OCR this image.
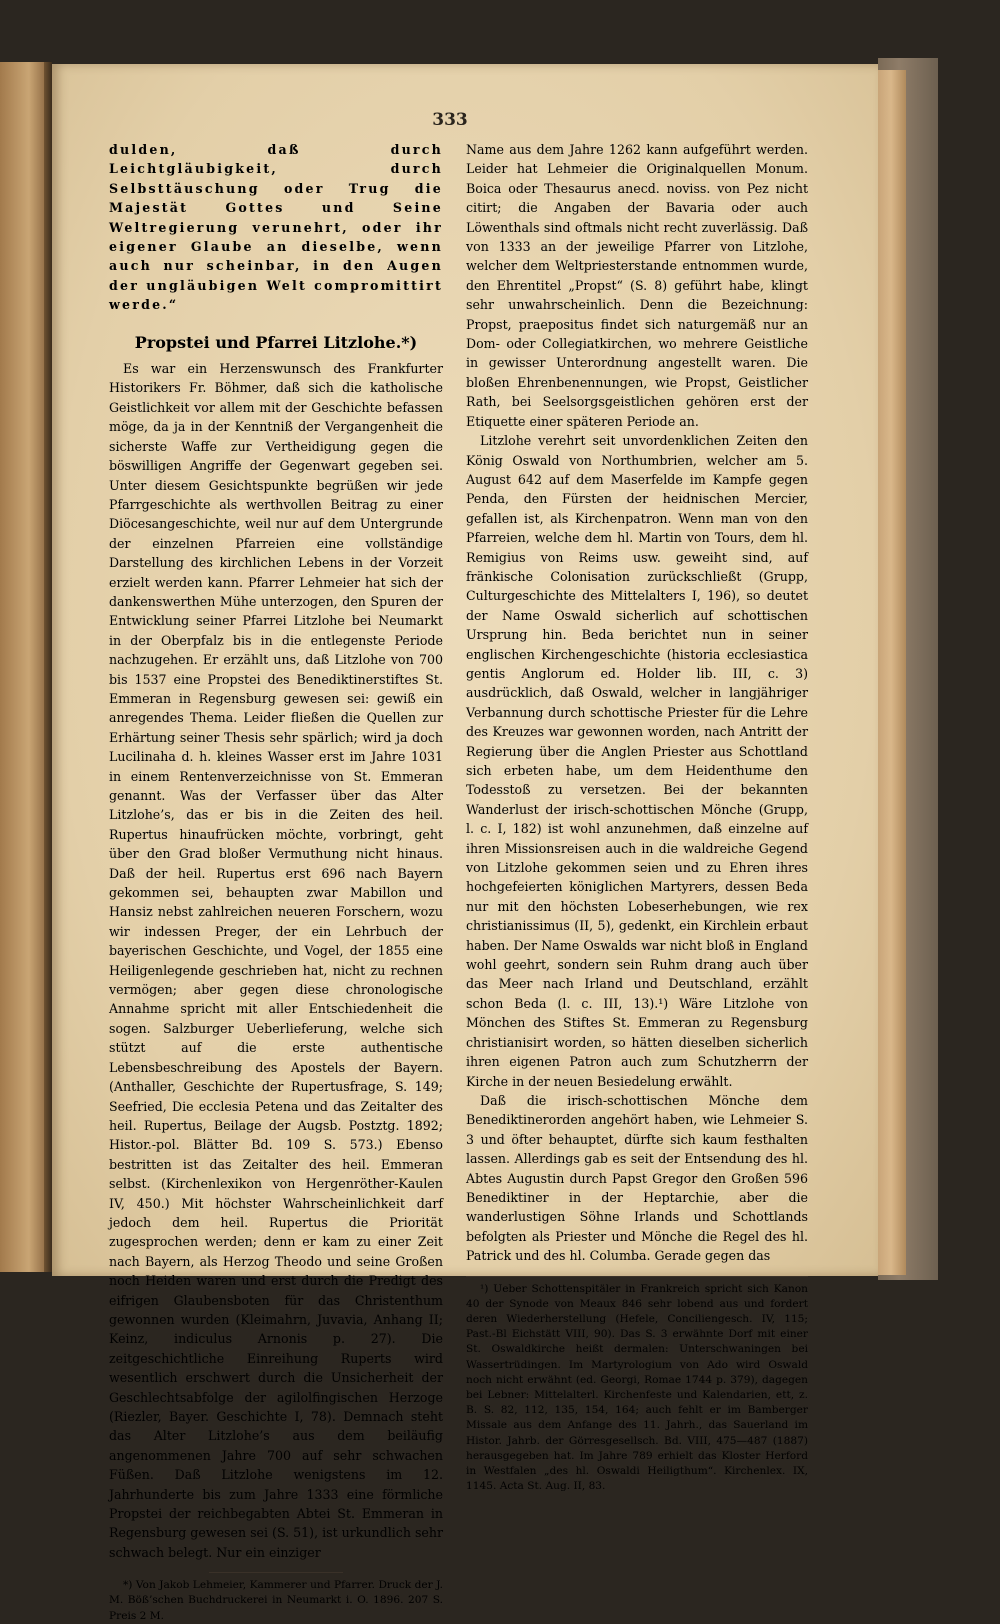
333

dulden, daß durch Leichtgläubigkeit, durch Selbsttäuschung oder Trug die Majestät Gottes und Seine Weltregierung verunehrt, oder ihr eigener Glaube an dieselbe, wenn auch nur scheinbar, in den Augen der ungläubigen Welt compromittirt werde.“

Propstei und Pfarrei Litzlohe.*)

Es war ein Herzenswunsch des Frankfurter Historikers Fr. Böhmer, daß sich die katholische Geistlichkeit vor allem mit der Geschichte befassen möge, da ja in der Kenntniß der Vergangenheit die sicherste Waffe zur Vertheidigung gegen die böswilligen Angriffe der Gegenwart gegeben sei. Unter diesem Gesichtspunkte begrüßen wir jede Pfarrgeschichte als werthvollen Beitrag zu einer Diöcesangeschichte, weil nur auf dem Untergrunde der einzelnen Pfarreien eine vollständige Darstellung des kirchlichen Lebens in der Vorzeit erzielt werden kann. Pfarrer Lehmeier hat sich der dankenswerthen Mühe unterzogen, den Spuren der Entwicklung seiner Pfarrei Litzlohe bei Neumarkt in der Oberpfalz bis in die entlegenste Periode nachzugehen. Er erzählt uns, daß Litzlohe von 700 bis 1537 eine Propstei des Benediktinerstiftes St. Emmeran in Regensburg gewesen sei: gewiß ein anregendes Thema. Leider fließen die Quellen zur Erhärtung seiner Thesis sehr spärlich; wird ja doch Lucilinaha d. h. kleines Wasser erst im Jahre 1031 in einem Rentenverzeichnisse von St. Emmeran genannt. Was der Verfasser über das Alter Litzlohe’s, das er bis in die Zeiten des heil. Rupertus hinaufrücken möchte, vorbringt, geht über den Grad bloßer Vermuthung nicht hinaus. Daß der heil. Rupertus erst 696 nach Bayern gekommen sei, behaupten zwar Mabillon und Hansiz nebst zahlreichen neueren Forschern, wozu wir indessen Preger, der ein Lehrbuch der bayerischen Geschichte, und Vogel, der 1855 eine Heiligenlegende geschrieben hat, nicht zu rechnen vermögen; aber gegen diese chronologische Annahme spricht mit aller Entschiedenheit die sogen. Salzburger Ueberlieferung, welche sich stützt auf die erste authentische Lebensbeschreibung des Apostels der Bayern. (Anthaller, Geschichte der Rupertusfrage, S. 149; Seefried, Die ecclesia Petena und das Zeitalter des heil. Rupertus, Beilage der Augsb. Postztg. 1892; Histor.-pol. Blätter Bd. 109 S. 573.) Ebenso bestritten ist das Zeitalter des heil. Emmeran selbst. (Kirchenlexikon von Hergenröther-Kaulen IV, 450.) Mit höchster Wahrscheinlichkeit darf jedoch dem heil. Rupertus die Priorität zugesprochen werden; denn er kam zu einer Zeit nach Bayern, als Herzog Theodo und seine Großen noch Heiden waren und erst durch die Predigt des eifrigen Glaubensboten für das Christenthum gewonnen wurden (Kleimahrn, Juvavia, Anhang II; Keinz, indiculus Arnonis p. 27). Die zeitgeschichtliche Einreihung Ruperts wird wesentlich erschwert durch die Unsicherheit der Geschlechtsabfolge der agilolfingischen Herzoge (Riezler, Bayer. Geschichte I, 78). Demnach steht das Alter Litzlohe’s aus dem beiläufig angenommenen Jahre 700 auf sehr schwachen Füßen. Daß Litzlohe wenigstens im 12. Jahrhunderte bis zum Jahre 1333 eine förmliche Propstei der reichbegabten Abtei St. Emmeran in Regensburg gewesen sei (S. 51), ist urkundlich sehr schwach belegt. Nur ein einziger

*) Von Jakob Lehmeier, Kammerer und Pfarrer. Druck der J. M. Böß’schen Buchdruckerei in Neumarkt i. O. 1896. 207 S. Preis 2 M.

Name aus dem Jahre 1262 kann aufgeführt werden. Leider hat Lehmeier die Originalquellen Monum. Boica oder Thesaurus anecd. noviss. von Pez nicht citirt; die Angaben der Bavaria oder auch Löwenthals sind oftmals nicht recht zuverlässig. Daß von 1333 an der jeweilige Pfarrer von Litzlohe, welcher dem Weltpriesterstande entnommen wurde, den Ehrentitel „Propst“ (S. 8) geführt habe, klingt sehr unwahrscheinlich. Denn die Bezeichnung: Propst, praepositus findet sich naturgemäß nur an Dom- oder Collegiatkirchen, wo mehrere Geistliche in gewisser Unterordnung angestellt waren. Die bloßen Ehrenbenennungen, wie Propst, Geistlicher Rath, bei Seelsorgsgeistlichen gehören erst der Etiquette einer späteren Periode an.

Litzlohe verehrt seit unvordenklichen Zeiten den König Oswald von Northumbrien, welcher am 5. August 642 auf dem Maserfelde im Kampfe gegen Penda, den Fürsten der heidnischen Mercier, gefallen ist, als Kirchenpatron. Wenn man von den Pfarreien, welche dem hl. Martin von Tours, dem hl. Remigius von Reims usw. geweiht sind, auf fränkische Colonisation zurückschließt (Grupp, Culturgeschichte des Mittelalters I, 196), so deutet der Name Oswald sicherlich auf schottischen Ursprung hin. Beda berichtet nun in seiner englischen Kirchengeschichte (historia ecclesiastica gentis Anglorum ed. Holder lib. III, c. 3) ausdrücklich, daß Oswald, welcher in langjähriger Verbannung durch schottische Priester für die Lehre des Kreuzes war gewonnen worden, nach Antritt der Regierung über die Anglen Priester aus Schottland sich erbeten habe, um dem Heidenthume den Todesstoß zu versetzen. Bei der bekannten Wanderlust der irisch-schottischen Mönche (Grupp, l. c. I, 182) ist wohl anzunehmen, daß einzelne auf ihren Missionsreisen auch in die waldreiche Gegend von Litzlohe gekommen seien und zu Ehren ihres hochgefeierten königlichen Martyrers, dessen Beda nur mit den höchsten Lobeserhebungen, wie rex christianissimus (II, 5), gedenkt, ein Kirchlein erbaut haben. Der Name Oswalds war nicht bloß in England wohl geehrt, sondern sein Ruhm drang auch über das Meer nach Irland und Deutschland, erzählt schon Beda (l. c. III, 13).¹) Wäre Litzlohe von Mönchen des Stiftes St. Emmeran zu Regensburg christianisirt worden, so hätten dieselben sicherlich ihren eigenen Patron auch zum Schutzherrn der Kirche in der neuen Besiedelung erwählt.

Daß die irisch-schottischen Mönche dem Benediktinerorden angehört haben, wie Lehmeier S. 3 und öfter behauptet, dürfte sich kaum festhalten lassen. Allerdings gab es seit der Entsendung des hl. Abtes Augustin durch Papst Gregor den Großen 596 Benediktiner in der Heptarchie, aber die wanderlustigen Söhne Irlands und Schottlands befolgten als Priester und Mönche die Regel des hl. Patrick und des hl. Columba. Gerade gegen das

¹) Ueber Schottenspitäler in Frankreich spricht sich Kanon 40 der Synode von Meaux 846 sehr lobend aus und fordert deren Wiederherstellung (Hefele, Conciliengesch. IV, 115; Past.-Bl Eichstätt VIII, 90). Das S. 3 erwähnte Dorf mit einer St. Oswaldkirche heißt dermalen: Unterschwaningen bei Wassertrüdingen. Im Martyrologium von Ado wird Oswald noch nicht erwähnt (ed. Georgi, Romae 1744 p. 379), dagegen bei Lebner: Mittelalterl. Kirchenfeste und Kalendarien, ett, z. B. S. 82, 112, 135, 154, 164; auch fehlt er im Bamberger Missale aus dem Anfange des 11. Jahrh., das Sauerland im Histor. Jahrb. der Görresgesellsch. Bd. VIII, 475—487 (1887) herausgegeben hat. Im Jahre 789 erhielt das Kloster Herford in Westfalen „des hl. Oswaldi Heiligthum“. Kirchenlex. IX, 1145. Acta St. Aug. II, 83.
